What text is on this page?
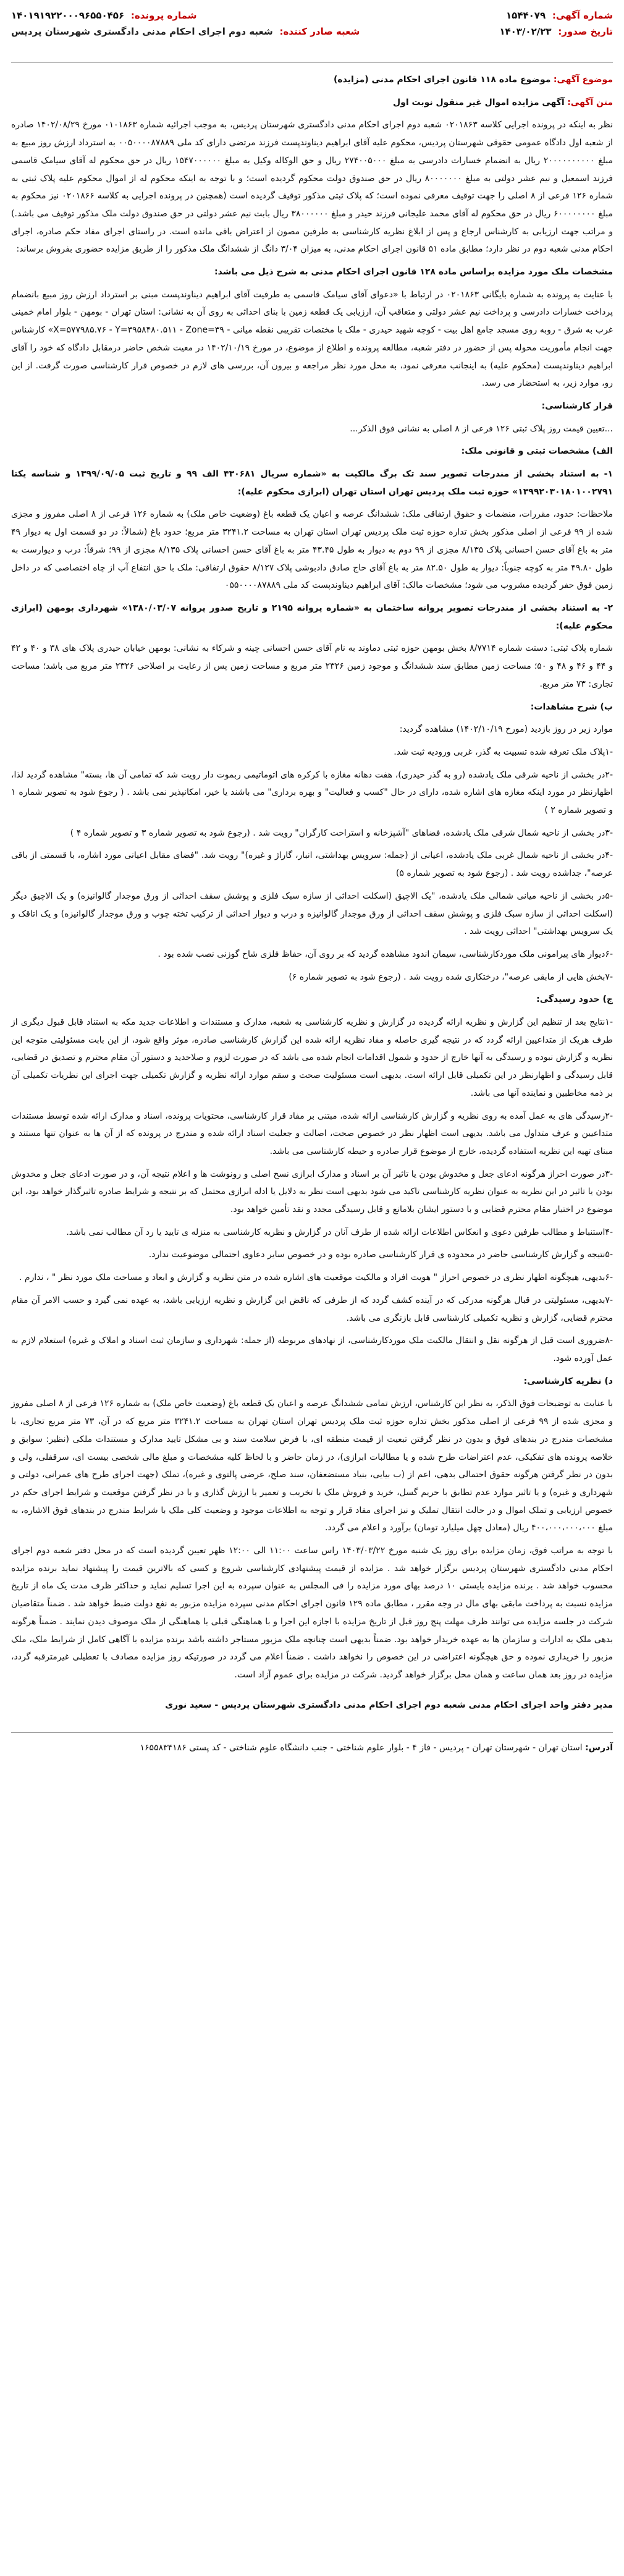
شماره آگهی: ۱۵۴۴۰۷۹
تاریخ صدور: ۱۴۰۳/۰۲/۲۳
شماره پرونده: ۱۴۰۱۹۱۹۲۲۰۰۰۹۶۵۵۰۴۵۶
شعبه صادر کننده: شعبه دوم اجرای احکام مدنی دادگستری شهرستان پردیس

موضوع آگهی: موضوع ماده ۱۱۸ قانون اجرای احکام مدنی (مزایده)

متن آگهی: آگهی مزایده اموال غیر منقول نوبت اول

نظر به اینکه در پرونده اجرایی کلاسه ۰۲۰۱۸۶۳ شعبه دوم اجرای احکام مدنی دادگستری شهرستان پردیس، به موجب اجرائیه شماره ۰۱۰۱۸۶۳ مورخ ۱۴۰۲/۰۸/۲۹ صادره از شعبه اول دادگاه عمومی حقوقی شهرستان پردیس، محکوم علیه آقای ابراهیم دیناوندپست فرزند مرتضی دارای کد ملی ۰۰۵۰۰۰۰۸۷۸۸۹ به استرداد ارزش روز مبیع به مبلغ ۲۰۰۰۰۰۰۰۰۰۰ ریال به انضمام خسارات دادرسی به مبلغ ۲۷۴۰۰۵۰۰۰ ریال و حق الوکاله وکیل به مبلغ ۱۵۴۷۰۰۰۰۰۰ ریال در حق محکوم له آقای سیامک قاسمی فرزند اسمعیل و نیم عشر دولتی به مبلغ ۸۰۰۰۰۰۰۰ ریال در حق صندوق دولت محکوم گردیده است؛ و با توجه به اینکه محکوم له از اموال محکوم علیه پلاک ثبتی به شماره ۱۲۶ فرعی از ۸ اصلی را جهت توقیف معرفی نموده است؛ که پلاک ثبتی مذکور توقیف گردیده است (همچنین در پرونده اجرایی به کلاسه ۰۲۰۱۸۶۶ نیز محکوم به مبلغ ۶۰۰۰۰۰۰۰۰ ریال در حق محکوم له آقای محمد علیجانی فرزند حیدر و مبلغ ۳۸۰۰۰۰۰۰ ریال بابت نیم عشر دولتی در حق صندوق دولت ملک مذکور توقیف می باشد.) و مراتب جهت ارزیابی به کارشناس ارجاع و پس از ابلاغ نظریه کارشناسی به طرفین مصون از اعتراض باقی مانده است. در راستای اجرای مفاد حکم صادره، اجرای احکام مدنی شعبه دوم در نظر دارد؛ مطابق ماده ۵۱ قانون اجرای احکام مدنی، به میزان ۳/۰۴ دانگ از ششدانگ ملک مذکور را از طریق مزایده حضوری بفروش برساند:

مشخصات ملک مورد مزایده براساس ماده ۱۲۸ قانون اجرای احکام مدنی به شرح ذیل می باشد:

با عنایت به پرونده به شماره بایگانی ۰۲۰۱۸۶۳ در ارتباط با «دعوای آقای سیامک قاسمی به طرفیت آقای ابراهیم دیناوندپست مبنی بر استرداد ارزش روز مبیع بانضمام پرداخت خسارات دادرسی و پرداخت نیم عشر دولتی و متعاقب آن، ارزیابی یک قطعه زمین با بنای احداثی به روی آن به نشانی: استان تهران - بومهن - بلوار امام خمینی غرب به شرق - روبه روی مسجد جامع اهل بیت - کوچه شهید حیدری - ملک با مختصات تقریبی نقطه میانی - X=۵۷۷۹۸۵.۷۶ - Y=۳۹۵۸۴۸۰.۵۱۱ - Zone=۳۹» کارشناس جهت انجام مأموریت محوله پس از حضور در دفتر شعبه، مطالعه پرونده و اطلاع از موضوع، در مورخ ۱۴۰۲/۱۰/۱۹ در معیت شخص حاضر درمقابل دادگاه که خود را آقای ابراهیم دیناوندپست (محکوم علیه) به اینجانب معرفی نمود، به محل مورد نظر مراجعه و بیرون آن، بررسی های لازم در خصوص قرار کارشناسی صورت گرفت. از این رو، موارد زیر، به استحضار می رسد.

قرار کارشناسی:

...تعیین قیمت روز پلاک ثبتی ۱۲۶ فرعی از ۸ اصلی به نشانی فوق الذکر...

الف) مشخصات ثبتی و قانونی ملک:

۱- به استناد بخشی از مندرجات تصویر سند تک برگ مالکیت به «شماره سریال ۴۳۰۶۸۱ الف ۹۹ و تاریخ ثبت ۱۳۹۹/۰۹/۰۵ و شناسه یکتا ۱۳۹۹۲۰۳۰۱۸۰۱۰۰۲۷۹۱» حوزه ثبت ملک پردیس تهران استان تهران (ابرازی محکوم علیه):

ملاحظات: حدود، مقررات، منضمات و حقوق ارتفاقی ملک: ششدانگ عرصه و اعیان یک قطعه باغ (وضعیت خاص ملک) به شماره ۱۲۶ فرعی از ۸ اصلی مفروز و مجزی شده از ۹۹ فرعی از اصلی مذکور بخش تداره حوزه ثبت ملک پردیس تهران استان تهران به مساحت ۳۲۴۱.۲ متر مربع؛ حدود باغ (شمالاً: در دو قسمت اول به دیوار ۴۹ متر به باغ آقای حسن احسانی پلاک ۸/۱۳۵ مجزی از ۹۹ دوم به دیوار به طول ۴۳.۴۵ متر به باغ آقای حسن احسانی پلاک ۸/۱۳۵ مجزی از ۹۹؛ شرقاً: درب و دیوارست به طول ۴۹.۸۰ متر به کوچه جنوباً: دیوار به طول ۸۲.۵۰ متر به باغ آقای حاج صادق دادبوشی پلاک ۸/۱۲۷ حقوق ارتفاقی: ملک با حق انتفاع آب از چاه اختصاصی که در داخل زمین فوق حفر گردیده مشروب می شود؛ مشخصات مالک: آقای ابراهیم دیناوندپست کد ملی ۰۵۵۰۰۰۰۸۷۸۸۹

۲- به استناد بخشی از مندرجات تصویر پروانه ساختمان به «شماره پروانه ۲۱۹۵ و تاریخ صدور پروانه ۱۳۸۰/۰۳/۰۷» شهرداری بومهن (ابرازی محکوم علیه):

شماره پلاک ثبتی: دستت شماره ۸/۷۷۱۴ بخش بومهن حوزه ثبتی دماوند به نام آقای حسن احسانی چینه و شرکاء به نشانی: بومهن خیابان حیدری پلاک های ۳۸ و ۴۰ و ۴۲ و ۴۴ و ۴۶ و ۴۸ و ۵۰؛ مساحت زمین مطابق سند ششدانگ و موجود زمین ۲۳۲۶ متر مربع و مساحت زمین پس از رعایت بر اصلاحی ۲۳۲۶ متر مربع می باشد؛ مساحت تجاری: ۷۳ متر مربع.

ب) شرح مشاهدات:

موارد زیر در روز بازدید (مورخ ۱۴۰۲/۱۰/۱۹) مشاهده گردید:

-۱پلاک ملک تعرفه شده تسبیت به گذر، غربی ورودیه ثبت شد.

-۲در بخشی از ناحیه شرقی ملک یادشده (رو به گذر حیدری)، هفت دهانه مغازه با کرکره های اتوماتیمی ربموت دار رویت شد که تمامی آن ها، بسته" مشاهده گردید لذا، اظهارنظر در مورد اینکه مغازه های اشاره شده، دارای در حال "کسب و فعالیت" و بهره برداری" می باشند یا خیر، امکانپذیر نمی باشد . ( رجوع شود به تصویر شماره ۱ و تصویر شماره ۲ )

-۳در بخشی از ناحیه شمال شرقی ملک یادشده، فضاهای "آشپزخانه و استراحت کارگران" رویت شد . (رجوع شود به تصویر شماره ۳ و تصویر شماره ۴ )

-۴در بخشی از ناحیه شمال غربی ملک یادشده، اعیانی از (جمله: سرویس بهداشتی، انبار، گاراژ و غیره)" رویت شد. "فضای مقابل اعیانی مورد اشاره، با قسمتی از باقی عرصه"، جداشده رویت شد . (رجوع شود به تصویر شماره ۵)

-۵در بخشی از ناحیه میانی شمالی ملک یادشده، "یک الاچیق (اسکلت احداثی از سازه سبک فلزی و پوشش سقف احداثی از ورق موجدار گالوانیزه) و یک الاچیق دیگر (اسکلت احداثی از سازه سبک فلزی و پوشش سقف احداثی از ورق موجدار گالوانیزه و درب و دیوار احداثی از ترکیب تخته چوب و ورق موجدار گالوانیزه) و یک اتاقک و یک سرویس بهداشتی" احداثی رویت شد .

-۶دیوار های پیرامونی ملک موردکارشناسی، سیمان اندود مشاهده گردید که بر روی آن، حفاظ فلزی شاخ گوزنی نصب شده بود .

-۷بخش هایی از مابقی عرصه"، درختکاری شده رویت شد . (رجوع شود به تصویر شماره ۶)

ج) حدود رسیدگی:

-۱نتایج بعد از تنظیم این گزارش و نظریه ارائه گردیده در گزارش و نظریه کارشناسی به شعبه، مدارک و مستندات و اطلاعات جدید مکه به استناد قابل قبول دیگری از طرف هریک از متداعیین ارائه گردد که در نتیجه گیری حاصله و مفاد نظریه ارائه شده این گزارش کارشناسی صادره، موثر واقع شود، از این بابت مسئولیتی متوجه این نظریه و گزارش نبوده و رسیدگی به آنها خارج از حدود و شمول اقدامات انجام شده می باشد که در صورت لزوم و صلاحدید و دستور آن مقام محترم و تصدیق در قضایی، قابل رسیدگی و اظهارنظر در این تکمیلی قابل ارائه است. بدیهی است مسئولیت صحت و سقم موارد ارائه نظریه و گزارش تکمیلی جهت اجرای این نظریات تکمیلی آن بر ذمه مخاطبین و نماینده آنها می باشد.

-۲رسیدگی های به عمل آمده به روی نظریه و گزارش کارشناسی ارائه شده، مبتنی بر مفاد قرار کارشناسی، محتویات پرونده، اسناد و مدارک ارائه شده توسط مستندات متداعیین و عرف متداول می باشد. بدیهی است اظهار نظر در خصوص صحت، اصالت و جعلیت اسناد ارائه شده و مندرج در پرونده که از آن ها به عنوان تنها مستند و مبنای تهیه این نظریه استفاده گردیده، خارج از موضوع قرار صادره و حیطه کارشناسی می باشد.

-۳در صورت احراز هرگونه ادعای جعل و مخدوش بودن یا تاثیر آن بر اسناد و مدارک ابرازی نسخ اصلی و رونوشت ها و اعلام نتیجه آن، و در صورت ادعای جعل و مخدوش بودن یا تاثیر در این نظریه به عنوان نظریه کارشناسی تاکید می شود بدیهی است نظر به دلایل یا ادله ابرازی محتمل که بر نتیجه و شرایط صادره تاثیرگذار خواهد بود، این موضوع در اختیار مقام محترم قضایی و با دستور ایشان بلامانع و قابل رسیدگی مجدد و نقد تأمین خواهد بود.

-۴استنباط و مطالب طرفین دعوی و انعکاس اطلاعات ارائه شده از طرف آنان در گزارش و نظریه کارشناسی به منزله ی تایید یا رد آن مطالب نمی باشد.

-۵نتیجه و گزارش کارشناسی حاضر در محدوده ی قرار کارشناسی صادره بوده و در خصوص سایر دعاوی احتمالی موضوعیت ندارد.

-۶بدیهی، هیچگونه اظهار نظری در خصوص احراز " هویت افراد و مالکیت موقعیت های اشاره شده در متن نظریه و گزارش و ابعاد و مساحت ملک مورد نظر " ، ندارم .

-۷بدیهی، مسئولیتی در قبال هرگونه مدرکی که در آینده کشف گردد که از طرفی که ناقض این گزارش و نظریه ارزیابی باشد، به عهده نمی گیرد و حسب الامر آن مقام محترم قضایی، گزارش و نظریه تکمیلی کارشناسی قابل بازنگری می باشد.

-۸ضروری است قبل از هرگونه نقل و انتقال مالکیت ملک موردکارشناسی، از نهادهای مربوطه (از جمله: شهرداری و سازمان ثبت اسناد و املاک و غیره) استعلام لازم به عمل آورده شود.

د) نظریه کارشناسی:

با عنایت به توضیحات فوق الذکر، به نظر این کارشناس، ارزش تمامی ششدانگ عرصه و اعیان یک قطعه باغ (وضعیت خاص ملک) به شماره ۱۲۶ فرعی از ۸ اصلی مفروز و مجزی شده از ۹۹ فرعی از اصلی مذکور بخش تداره حوزه ثبت ملک پردیس تهران استان تهران به مساحت ۳۲۴۱.۲ متر مربع که در آن، ۷۳ متر مربع تجاری، با مشخصات مندرج در بندهای فوق و بدون در نظر گرفتن تبعیت از قیمت منطقه ای، با فرض سلامت سند و بی مشکل تایید مدارک و مستندات ملکی (نظیر: سوابق و خلاصه پرونده های تفکیکی، عدم اعتراضات طرح شده و یا مطالبات ابرازی)، در زمان حاضر و با لحاظ کلیه مشخصات و مبلغ مالی شخصی بیست ای، سرقفلی، ولی و بدون در نظر گرفتن هرگونه حقوق احتمالی بدهی، اعم از (ب بیایی، بنیاد مستضعفان، سند صلح، عرضی پالتوی و غیره)، تملک (جهت اجرای طرح های عمرانی، دولتی و شهرداری و غیره) و یا تاثیر موارد عدم تطابق با حریم گسل، خرید و فروش ملک با تخریب و تعمیر یا ارزش گذاری و با در نظر گرفتن موقعیت و شرایط اجرای حکم در خصوص ارزیابی و تملک اموال و در حالت انتقال تملیک و نیز اجرای مفاد قرار و توجه به اطلاعات موجود و وضعیت کلی ملک با شرایط مندرج در بندهای فوق الاشاره، به مبلغ ۴۰۰،۰۰۰،۰۰۰،۰۰۰ ریال (معادل چهل میلیارد تومان) برآورد و اعلام می گردد.

با توجه به مراتب فوق، زمان مزایده برای روز یک شنبه مورخ ۱۴۰۳/۰۳/۲۲ راس ساعت ۱۱:۰۰ الی ۱۲:۰۰ ظهر تعیین گردیده است که در محل دفتر شعبه دوم اجرای احکام مدنی دادگستری شهرستان پردیس برگزار خواهد شد . مزایده از قیمت پیشنهادی کارشناسی شروع و کسی که بالاترین قیمت را پیشنهاد نماید برنده مزایده محسوب خواهد شد . برنده مزایده بایستی ۱۰ درصد بهای مورد مزایده را فی المجلس به عنوان سپرده به این اجرا تسلیم نماید و حداکثر ظرف مدت یک ماه از تاریخ مزایده نسبت به پرداخت مابقی بهای مال در وجه مقرر ، مطابق ماده ۱۲۹ قانون اجرای احکام مدنی سپرده مزایده مزبور به نفع دولت ضبط خواهد شد . ضمناً متقاضیان شرکت در جلسه مزایده می توانند ظرف مهلت پنج روز قبل از تاریخ مزایده با اجازه این اجرا و با هماهنگی قبلی با هماهنگی از ملک موصوف دیدن نمایند . ضمناً هرگونه بدهی ملک به ادارات و سازمان ها به عهده خریدار خواهد بود. ضمناً بدیهی است چنانچه ملک مزبور مستاجر داشته باشد برنده مزایده با آگاهی کامل از شرایط ملک، ملک مزبور را خریداری نموده و حق هیچگونه اعتراضی در این خصوص را نخواهد داشت . ضمناً اعلام می گردد در صورتیکه روز مزایده مصادف با تعطیلی غیرمترقبه گردد، مزایده در روز بعد همان ساعت و همان محل برگزار خواهد گردید. شرکت در مزایده برای عموم آزاد است.

مدیر دفتر واحد اجرای احکام مدنی شعبه دوم اجرای احکام مدنی دادگستری شهرستان پردیس - سعید نوری
آدرس: استان تهران - شهرستان تهران - پردیس - فاز ۴ - بلوار علوم شناختی - جنب دانشگاه علوم شناختی - کد پستی ۱۶۵۵۸۳۴۱۸۶
